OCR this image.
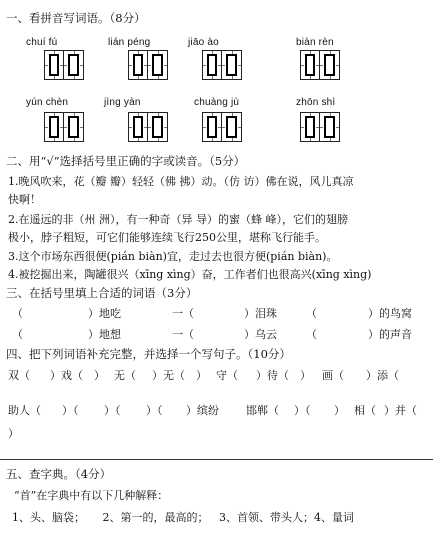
一、看拼音写词语。（8分）
chuí fú	lián péng	jiāo ào	biàn rèn
yún chèn	jìng yàn	chuàng jù	zhōn shì
二、用“√”选择括号里正确的字或读音。（5分）
1.晚风吹来，花（瓣 瓣）轻轻（佛 拂）动。（仿 访）佛在说，风儿真凉
快啊！
2.在遥远的非（州 洲），有一种奇（异 导）的蜜（蜂 峰），它们的翅膀
极小，脖子粗短，可它们能够连续飞行250公里，堪称飞行能手。
3.这个市场东西很便(pián biàn)宜，走过去也很方便(pián biàn)。
4.被挖掘出来，陶罐很兴（xīng xìng）奋，工作者们也很高兴(xīng xìng)
三、在括号里填上合适的词语（3分）
（	）地吃	一（	）泪珠	（	）的鸟窝
（	）地想	一（	）乌云	（	）的声音
四、把下列词语补充完整，并选择一个写句子。（10分）
双（ ）戏（ ） 无（ ）无（ ） 守（ ）待（ ） 画（ ）添（
助人（ ）（ ）（ ）（ ）缤纷 邯郸（ ）（ ） 相（ ）并（
）
五、查字典。（4分）
“首”在字典中有以下几种解释：
1、头、脑袋；     2、第一的，最高的；   3、首领、带头人；4、量词
